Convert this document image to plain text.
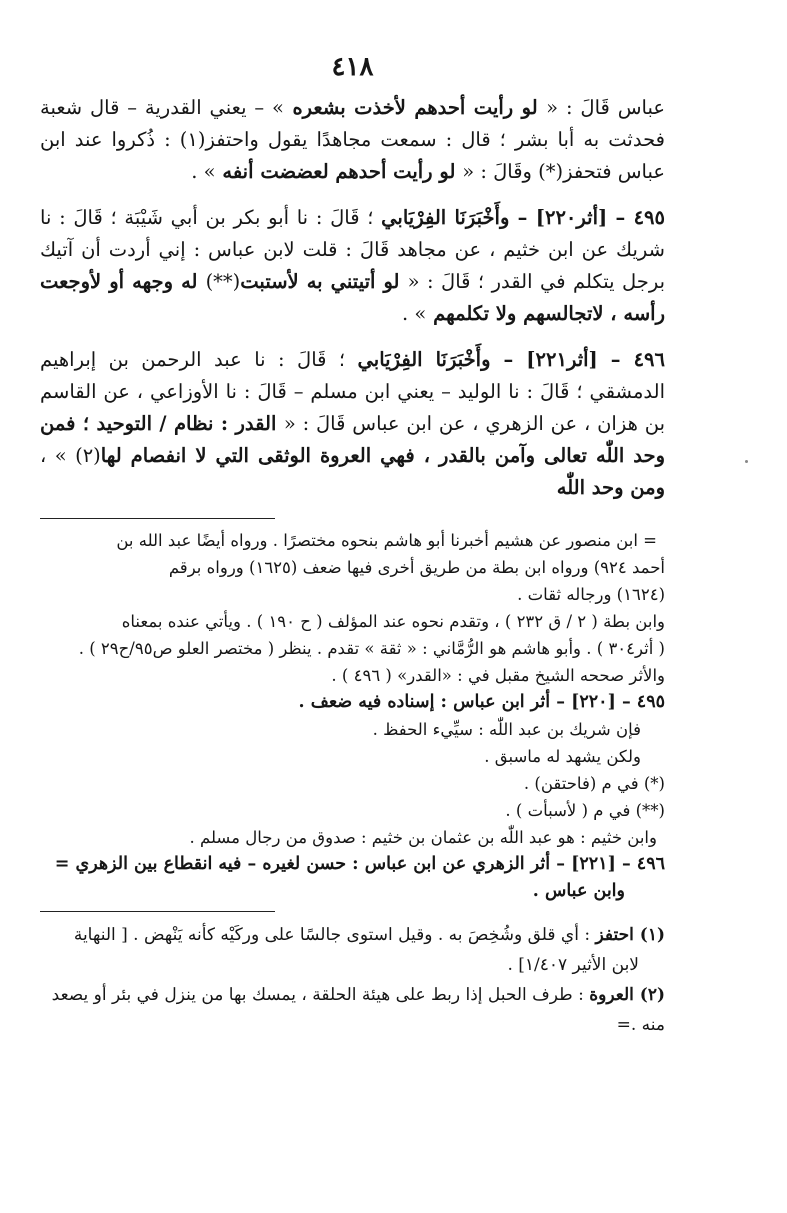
٤١٨

عباس قَالَ : « لو رأيت أحدهم لأخذت بشعره » – يعني القدرية – قال شعبة فحدثت به أبا بشر ؛ قال : سمعت مجاهدًا يقول واحتفز(١) : ذُكروا عند ابن عباس فتحفز(*) وقَالَ : « لو رأيت أحدهم لعضضت أنفه » .

٤٩٥ – [أثر٢٢٠] – وأَخْبَرَنَا الفِرْيَابي ؛ قَالَ : نا أبو بكر بن أبي شَيْبَة ؛ قَالَ : نا شريك عن ابن خثيم ، عن مجاهد قَالَ : قلت لابن عباس : إني أردت أن آتيك برجل يتكلم في القدر ؛ قَالَ : « لو أتيتني به لأستبت(**) له وجهه أو لأوجعت رأسه ، لاتجالسهم ولا تكلمهم » .

٤٩٦ – [أثر٢٢١] – وأَخْبَرَنَا الفِرْيَابي ؛ قَالَ : نا عبد الرحمن بن إبراهيم الدمشقي ؛ قَالَ : نا الوليد – يعني ابن مسلم – قَالَ : نا الأوزاعي ، عن القاسم بن هزان ، عن الزهري ، عن ابن عباس قَالَ : « القدر : نظام / التوحيد ؛ فمن وحد اللّٰه تعالى وآمن بالقدر ، فهي العروة الوثقى التي لا انفصام لها(٢) » ، ومن وحد اللّٰه

= ابن منصور عن هشيم أخبرنا أبو هاشم بنحوه مختصرًا . ورواه أيضًا عبد الله بن

أحمد ٩٢٤) ورواه ابن بطة من طريق أخرى فيها ضعف (١٦٢٥) ورواه برقم

(١٦٢٤) ورجاله ثقات .

وابن بطة ( ٢ / ق ٢٣٢ ) ، وتقدم نحوه عند المؤلف ( ح ١٩٠ ) . ويأتي عنده بمعناه

( أثر٣٠٤ ) . وأبو هاشم هو الرُّمَّاني : « ثقة » تقدم . ينظر ( مختصر العلو ص٩٥/ح٢٩ ) .

والأثر صححه الشيخ مقبل في : «القدر» ( ٤٩٦ ) .

٤٩٥ – [٢٢٠] – أثر ابن عباس : إسناده فيه ضعف .

فإن شريك بن عبد اللّٰه : سيِّيء الحفظ .

ولكن يشهد له ماسبق .

(*) في م (فاحتقن) .

(**) في م ( لأسبأت ) .

وابن خثيم : هو عبد اللّٰه بن عثمان بن خثيم : صدوق من رجال مسلم .

٤٩٦ – [٢٢١] – أثر الزهري عن ابن عباس : حسن لغيره – فيه انقطاع بين الزهري =

وابن عباس .

(١) احتفز : أي قلق وشُخِصَ به . وقيل استوى جالسًا على وركَيْه كأنه يَنْهض . [ النهاية

لابن الأثير ١/٤٠٧] .

(٢) العروة : طرف الحبل إذا ربط على هيئة الحلقة ، يمسك بها من ينزل في بئر أو يصعد منه .=
